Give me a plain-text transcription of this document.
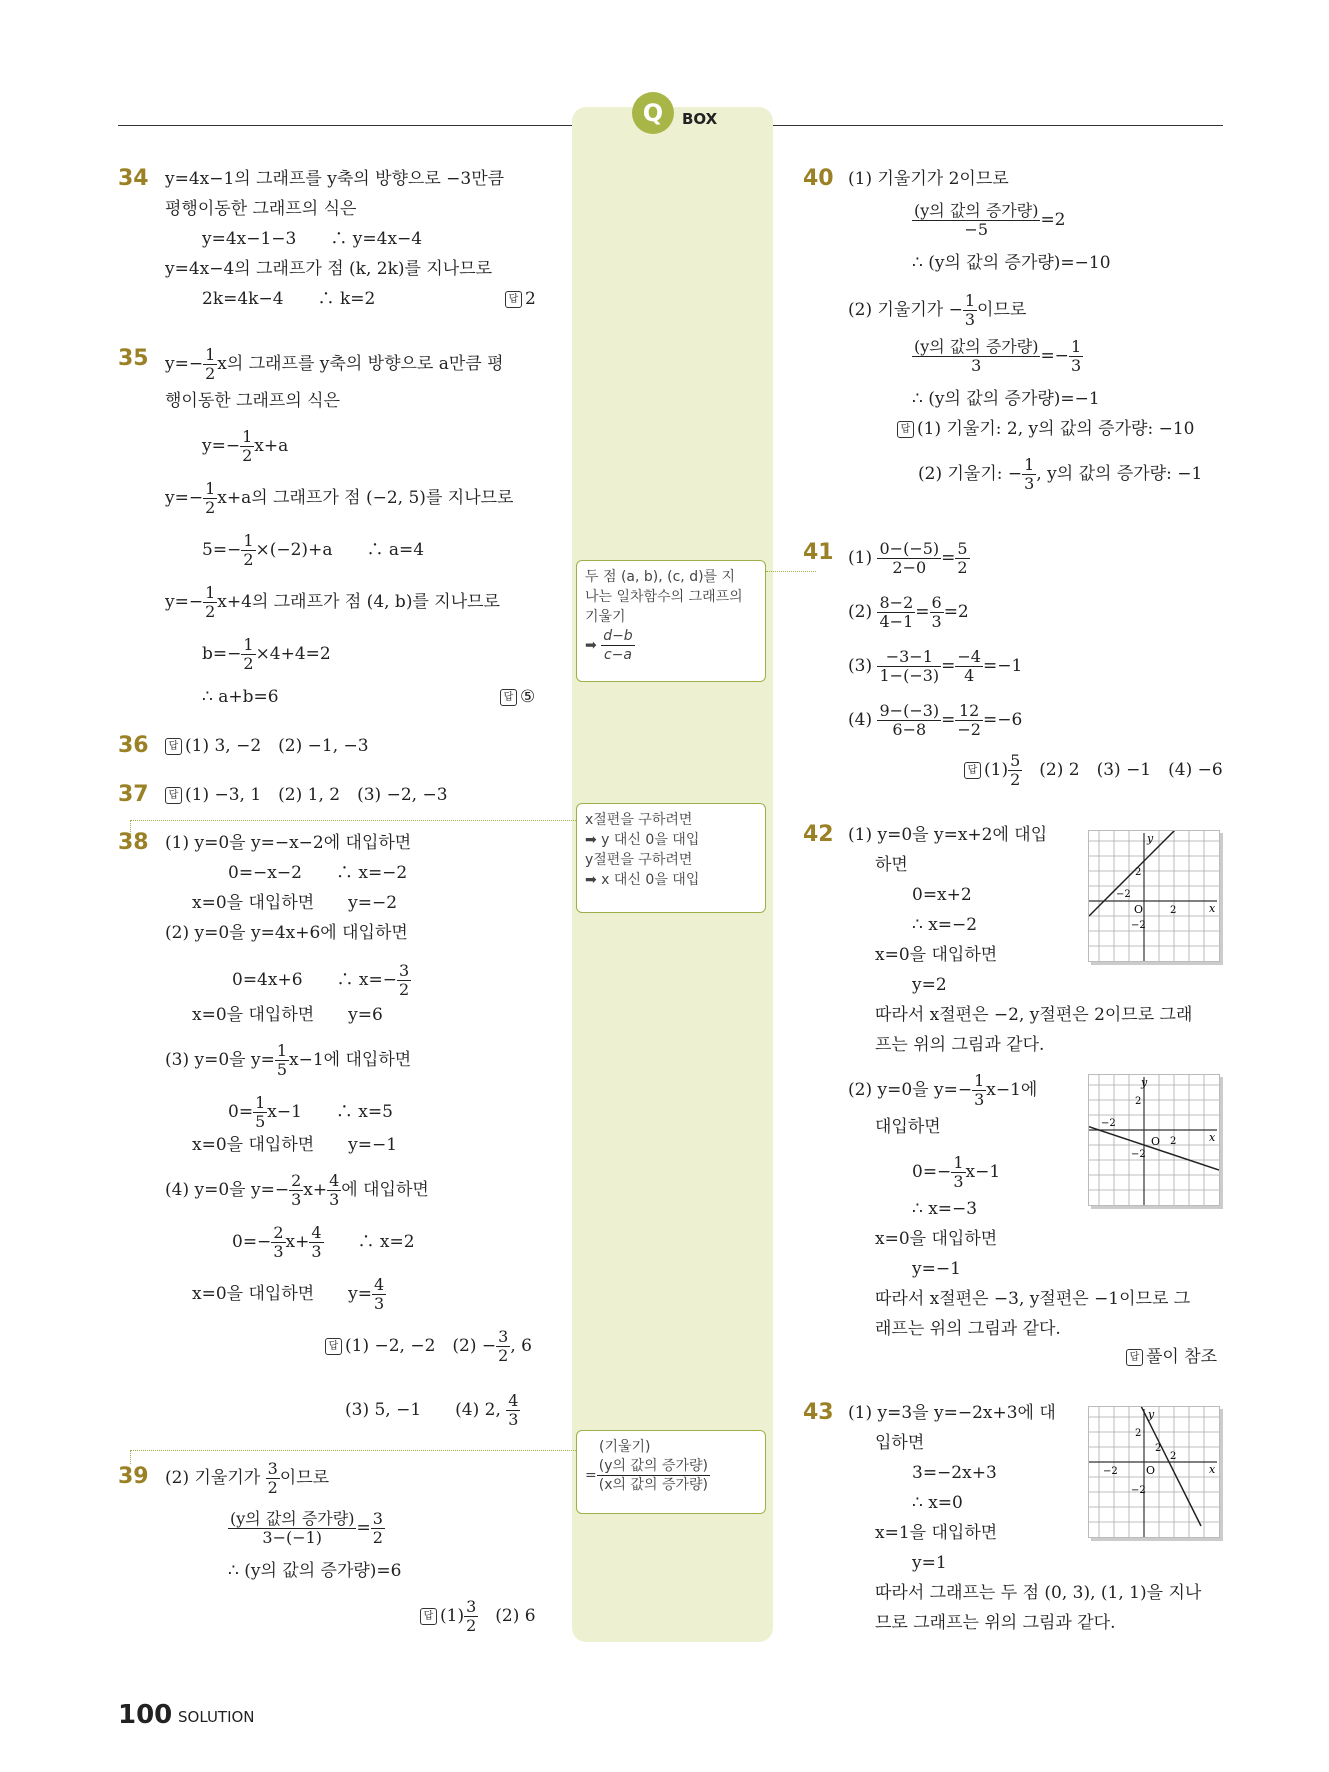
Q	BOX
34 y=4x−1의 그래프를 y축의 방향으로 −3만큼
평행이동한 그래프의 식은
y=4x−1−3　　∴ y=4x−4
y=4x−4의 그래프가 점 (k, 2k)를 지나므로
2k=4k−4　　∴ k=2	답 2
35 $y=- \frac{1}{2}$ x의 그래프를 y축의 방향으로 a만큼 평
행이동한 그래프의 식은
$y=- \frac{1}{2} x+a$
$y=- \frac{1}{2} x+a$의 그래프가 점 (−2, 5)를 지나므로
$5=- \frac{1}{2} \times(-2)+a$　　∴ a=4
$y=- \frac{1}{2} x+4$의 그래프가 점 (4, b)를 지나므로
$b=- \frac{1}{2} \times 4+4=2$
∴ a+b=6	답 ⑤
36	답 (1) 3, −2　(2) −1, −3
37	답 (1) −3, 1　(2) 1, 2　(3) −2, −3
38 (1) y=0을 y=−x−2에 대입하면
0=−x−2　　∴ x=−2
x=0을 대입하면　　y=−2
(2) y=0을 y=4x+6에 대입하면
0=4x+6　　∴ $x=- \frac{3}{2}$
x=0을 대입하면　　y=6
(3) y=0을 $y= \frac{1}{5} x-1$에 대입하면
$0= \frac{1}{5} x-1$　　∴ x=5
x=0을 대입하면　　y=−1
(4) y=0을 $y=- \frac{2}{3} x+ \frac{4}{3}$ 에 대입하면
$0=- \frac{2}{3} x+ \frac{4}{3}$ 　　∴ x=2
x=0을 대입하면　　$y= \frac{4}{3}$
답 (1) −2, −2　$(2) - \frac{3}{2}$ , 6
(3) 5, −1　　(4) 2, $\frac{4}{3}$
39 (2) 기울기가 $\frac{3}{2}$ 이므로
$\frac{\text{(y의 값의 증가량)}}{3-(-1)} = \frac{3}{2}$
∴ (y의 값의 증가량)=6
답 $(1) \frac{3}{2}$
　 (2) 6
두 점 (a, b), (c, d)를 지
나는 일차함수의 그래프의
기울기
➡ $\frac{d-b}{c-a}$
x절편을 구하려면
➡ y 대신 0을 대입
y절편을 구하려면
➡ x 대신 0을 대입
(기울기)
= $\frac{\text{(y의 값의 증가량)}}{\text{(x의 값의 증가량)}}$
40 (1) 기울기가 2이므로
$\frac{\text{(y의 값의 증가량)}}{-5} =2$
∴ (y의 값의 증가량)=−10
(2) 기울기가 − $\frac{1}{3}$ 이므로
$\frac{\text{(y의 값의 증가량)}}{3} =- \frac{1}{3}$
∴ (y의 값의 증가량)=−1
답 (1) 기울기: 2, y의 값의 증가량: −10
(2) 기울기: − $\frac{1}{3}$ , y의 값의 증가량: −1
41 $(1) \frac{0-(-5)}{2-0} = \frac{5}{2}$
$(2) \frac{8-2}{4-1} = \frac{6}{3} =2$
$(3) \frac{-3-1}{1-(-3)} = \frac{-4}{4} =-1$
$(4) \frac{9-(-3)}{6-8} = \frac{12}{-2} =-6$
답 $(1) \frac{5}{2}$
　 (2) 2　(3) −1　(4) −6
42 (1) y=0을 y=x+2에 대입
하면
0=x+2
∴ x=−2
x=0을 대입하면
y=2
따라서 x절편은 −2, y절편은 2이므로 그래
프는 위의 그림과 같다.
(2) y=0을 $y=- \frac{1}{3} x-1$에
대입하면
$0=- \frac{1}{3} x-1$
∴ x=−3
x=0을 대입하면
y=−1
따라서 x절편은 −3, y절편은 −1이므로 그
래프는 위의 그림과 같다.
답 풀이 참조
O	x
y
2
−2
2
−2
O	x
y
2
−2
2
−2
43 (1) y=3을 y=−2x+3에 대
입하면
3=−2x+3
∴ x=0
x=1을 대입하면
y=1
따라서 그래프는 두 점 (0, 3), (1, 1)을 지나
므로 그래프는 위의 그림과 같다.
O	x
y
2
−2
2
−2
2
100 SOLUTION
